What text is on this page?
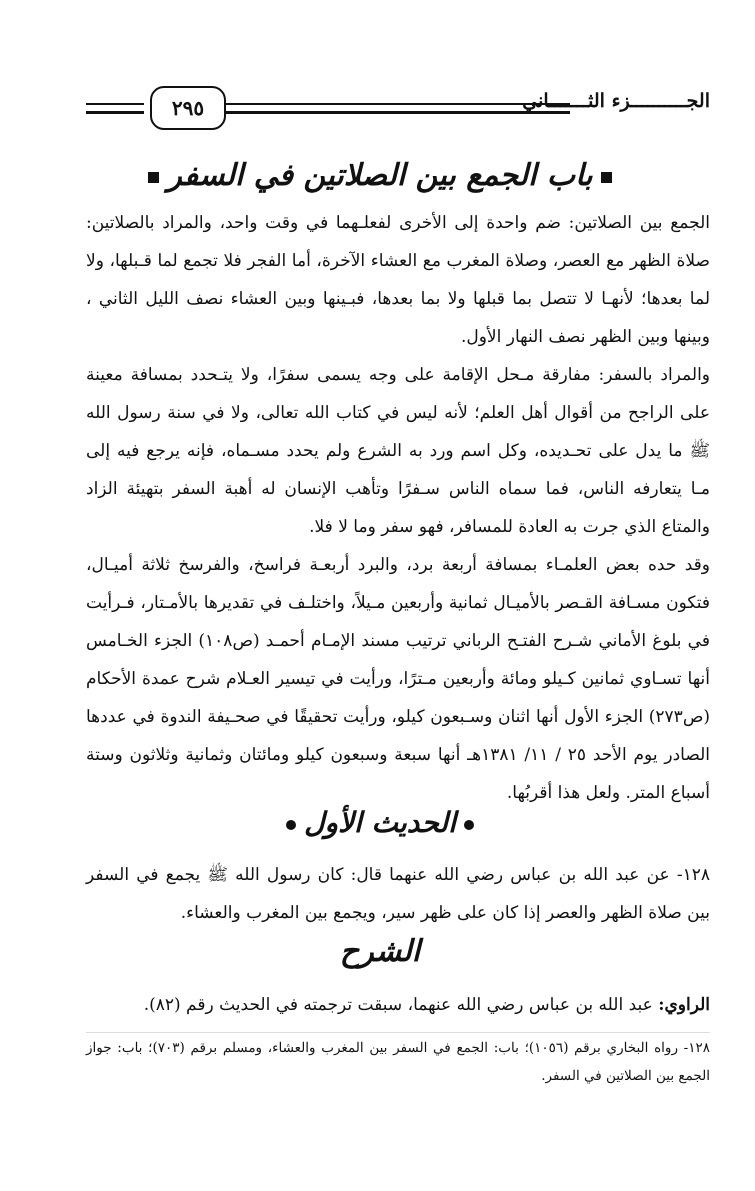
الجــــــــــزء الثـــــــاني
٢٩٥
باب الجمع بين الصلاتين في السفر
الجمع بين الصلاتين: ضم واحدة إلى الأخرى لفعلـهما في وقت واحد، والمراد بالصلاتين: صلاة الظهر مع العصر، وصلاة المغرب مع العشاء الآخرة، أما الفجر فلا تجمع لما قـبلها، ولا لما بعدها؛ لأنهـا لا تتصل بما قبلها ولا بما بعدها، فبـينها وبين العشاء نصف الليل الثاني ، وبينها وبين الظهر نصف النهار الأول.
والمراد بالسفر: مفارقة مـحل الإقامة على وجه يسمى سفرًا، ولا يتـحدد بمسافة معينة على الراجح من أقوال أهل العلم؛ لأنه ليس في كتاب الله تعالى، ولا في سنة رسول الله ﷺ ما يدل على تحـديده، وكل اسم ورد به الشرع ولم يحدد مسـماه، فإنه يرجع فيه إلى مـا يتعارفه الناس، فما سماه الناس سـفرًا وتأهب الإنسان له أهبة السفر بتهيئة الزاد والمتاع الذي جرت به العادة للمسافر، فهو سفر وما لا فلا.
وقد حده بعض العلمـاء بمسافة أربعة برد، والبرد أربعـة فراسخ، والفرسخ ثلاثة أميـال، فتكون مسـافة القـصر بالأميـال ثمانية وأربعين مـيلاً، واختلـف في تقديرها بالأمـتار، فـرأيت في بلوغ الأماني شـرح الفتـح الرباني ترتيب مسند الإمـام أحمـد (ص١٠٨) الجزء الخـامس أنها تسـاوي ثمانين كـيلو ومائة وأربعين مـترًا، ورأيت في تيسير العـلام شرح عمدة الأحكام (ص٢٧٣) الجزء الأول أنها اثنان وسـبعون كيلو، ورأيت تحقيقًا في صحـيفة الندوة في عددها الصادر يوم الأحد ٢٥ / ١١/ ١٣٨١هـ أنها سبعة وسبعون كيلو ومائتان وثمانية وثلاثون وستة أسباع المتر. ولعل هذا أقربُها.
الحديث الأول
١٢٨- عن عبد الله بن عباس رضي الله عنهما قال: كان رسول الله ﷺ يجمع في السفر بين صلاة الظهر والعصر إذا كان على ظهر سير، ويجمع بين المغرب والعشاء.
الشرح
الراوي: عبد الله بن عباس رضي الله عنهما، سبقت ترجمته في الحديث رقم (٨٢).
١٢٨- رواه البخاري برقم (١٠٥٦)؛ باب: الجمع في السفر بين المغرب والعشاء، ومسلم برقم (٧٠٣)؛ باب: جواز الجمع بين الصلاتين في السفر.
